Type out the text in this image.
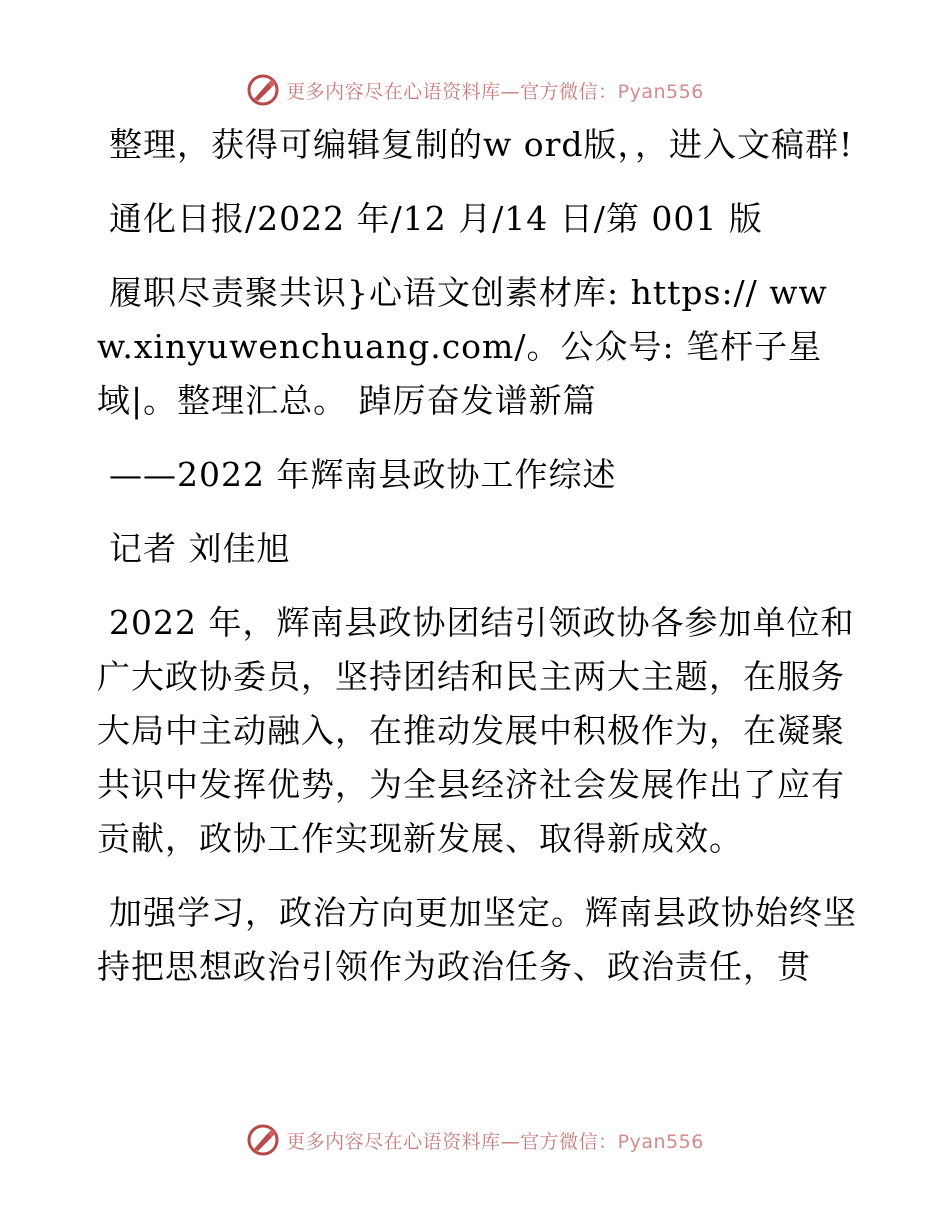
更多内容尽在心语资料库—官方微信：Pyan556

整理，获得可编辑复制的w ord版，，进入文稿群!

通化日报/2022 年/12 月/14 日/第 001 版

履职尽责聚共识}心语文创素材库: https:// www.xinyuwenchuang.com/。公众号: 笔杆子星域|。整理汇总。 踔厉奋发谱新篇

——2022 年辉南县政协工作综述

记者 刘佳旭

2022 年，辉南县政协团结引领政协各参加单位和广大政协委员，坚持团结和民主两大主题，在服务大局中主动融入，在推动发展中积极作为，在凝聚共识中发挥优势，为全县经济社会发展作出了应有贡献，政协工作实现新发展、取得新成效。

加强学习，政治方向更加坚定。辉南县政协始终坚持把思想政治引领作为政治任务、政治责任，贯

更多内容尽在心语资料库—官方微信：Pyan556
